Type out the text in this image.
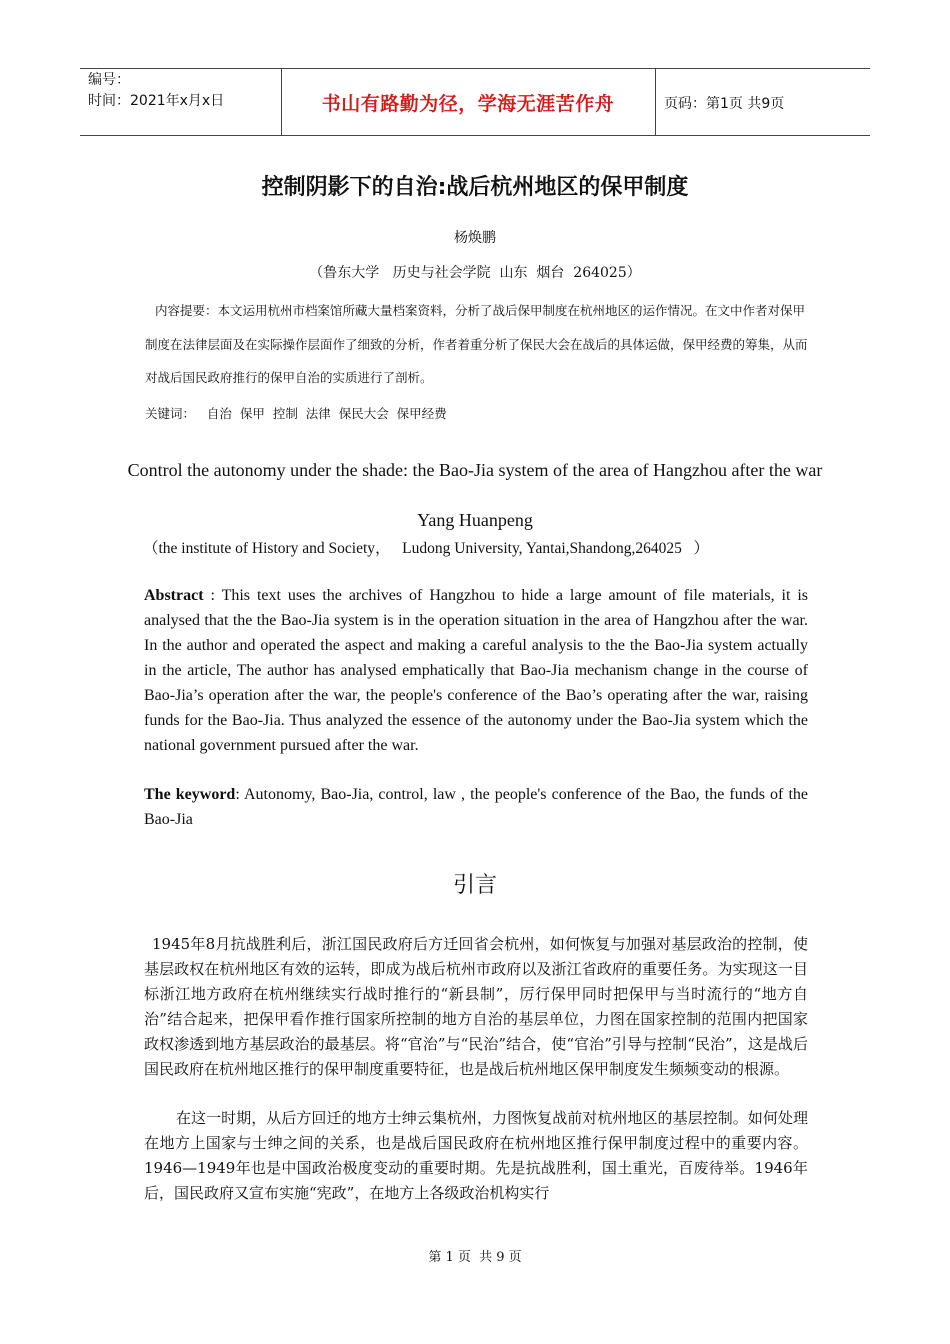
编号：
时间：2021年x月x日	书山有路勤为径，学海无涯苦作舟	页码：第1页 共9页
控制阴影下的自治:战后杭州地区的保甲制度
杨焕鹏
（鲁东大学   历史与社会学院  山东  烟台  264025）
内容提要：本文运用杭州市档案馆所藏大量档案资料，分析了战后保甲制度在杭州地区的运作情况。在文中作者对保甲制度在法律层面及在实际操作层面作了细致的分析，作者着重分析了保民大会在战后的具体运做，保甲经费的筹集，从而对战后国民政府推行的保甲自治的实质进行了剖析。
关键词：   自治  保甲  控制  法律  保民大会  保甲经费
Control the autonomy under the shade: the Bao-Jia system of the area of Hangzhou after the war
Yang Huanpeng
（the institute of History and Society，   Ludong University, Yantai,Shandong,264025   ）
Abstract : This text uses the archives of Hangzhou to hide a large amount of file materials, it is analysed that the the Bao-Jia system is in the operation situation in the area of Hangzhou after the war. In the author and operated the aspect and making a careful analysis to the the Bao-Jia system actually in the article, The author has analysed emphatically that Bao-Jia mechanism change in the course of Bao-Jia’s operation after the war, the people's conference of the Bao’s operating after the war, raising funds for the Bao-Jia. Thus analyzed the essence of the autonomy under the Bao-Jia system which the national government pursued after the war.
The keyword: Autonomy, Bao-Jia, control, law , the people's conference of the Bao, the funds of the Bao-Jia
引言
1945年8月抗战胜利后，浙江国民政府后方迁回省会杭州，如何恢复与加强对基层政治的控制，使基层政权在杭州地区有效的运转，即成为战后杭州市政府以及浙江省政府的重要任务。为实现这一目标浙江地方政府在杭州继续实行战时推行的“新县制”，厉行保甲同时把保甲与当时流行的“地方自治”结合起来，把保甲看作推行国家所控制的地方自治的基层单位，力图在国家控制的范围内把国家政权渗透到地方基层政治的最基层。将“官治”与“民治”结合，使“官治”引导与控制“民治”，这是战后国民政府在杭州地区推行的保甲制度重要特征，也是战后杭州地区保甲制度发生频频变动的根源。
在这一时期，从后方回迁的地方士绅云集杭州，力图恢复战前对杭州地区的基层控制。如何处理在地方上国家与士绅之间的关系，也是战后国民政府在杭州地区推行保甲制度过程中的重要内容。1946—1949年也是中国政治极度变动的重要时期。先是抗战胜利，国土重光，百废待举。1946年后，国民政府又宣布实施“宪政”，在地方上各级政治机构实行
第 1 页  共 9 页
